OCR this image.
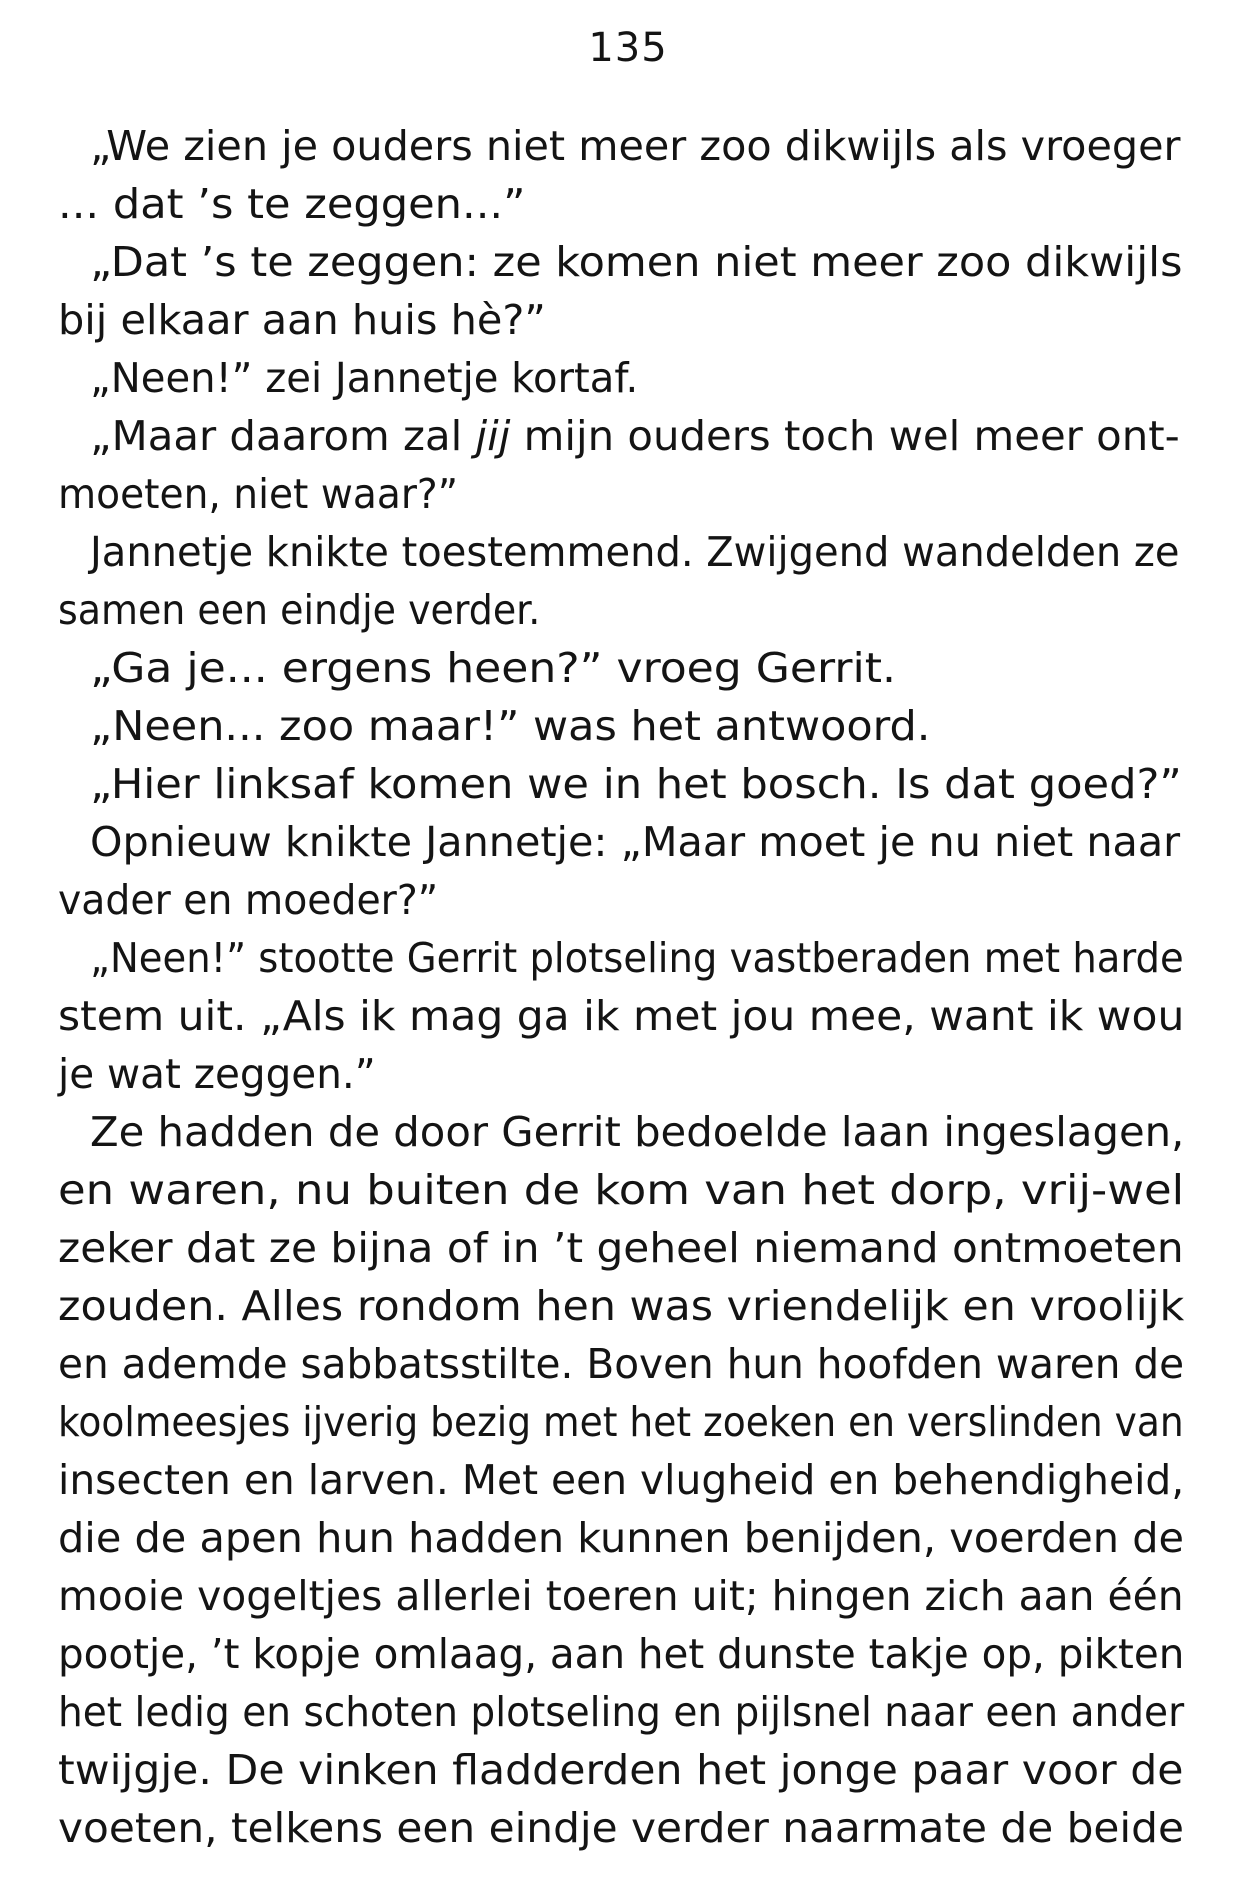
135
„We zien je ouders niet meer zoo dikwijls als vroeger
... dat ’s te zeggen...”
„Dat ’s te zeggen: ze komen niet meer zoo dikwijls
bij elkaar aan huis hè?”
„Neen!” zei Jannetje kortaf.
„Maar daarom zal jij mijn ouders toch wel meer ont-
moeten, niet waar?”
Jannetje knikte toestemmend. Zwijgend wandelden ze
samen een eindje verder.
„Ga je... ergens heen?” vroeg Gerrit.
„Neen... zoo maar!” was het antwoord.
„Hier linksaf komen we in het bosch. Is dat goed?”
Opnieuw knikte Jannetje: „Maar moet je nu niet naar
vader en moeder?”
„Neen!” stootte Gerrit plotseling vastberaden met harde
stem uit. „Als ik mag ga ik met jou mee, want ik wou
je wat zeggen.”
Ze hadden de door Gerrit bedoelde laan ingeslagen,
en waren, nu buiten de kom van het dorp, vrij-wel
zeker dat ze bijna of in ’t geheel niemand ontmoeten
zouden. Alles rondom hen was vriendelijk en vroolijk
en ademde sabbatsstilte. Boven hun hoofden waren de
koolmeesjes ijverig bezig met het zoeken en verslinden van
insecten en larven. Met een vlugheid en behendigheid,
die de apen hun hadden kunnen benijden, voerden de
mooie vogeltjes allerlei toeren uit; hingen zich aan één
pootje, ’t kopje omlaag, aan het dunste takje op, pikten
het ledig en schoten plotseling en pijlsnel naar een ander
twijgje. De vinken fladderden het jonge paar voor de
voeten, telkens een eindje verder naarmate de beide
